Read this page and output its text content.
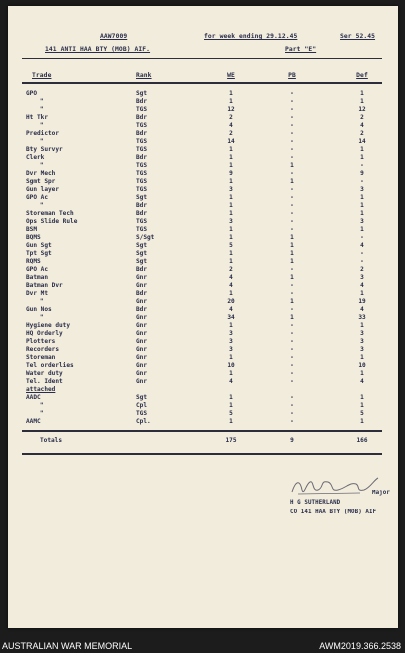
AAW7009	for week ending 29.12.45	Ser 52.45
141 ANTI HAA BTY (MOB) AIF.	Part "E"
Trade	Rank	WE	PB	Def
GPO	Sgt	1	-	1
"	Bdr	1	-	1
"	TGS	12	-	12
Ht Tkr	Bdr	2	-	2
"	TGS	4	-	4
Predictor	Bdr	2	-	2
"	TGS	14	-	14
Bty Survyr	TGS	1	-	1
Clerk	Bdr	1	-	1
"	TGS	1	1	-
Dvr Mech	TGS	9	-	9
Sgmt Spr	TGS	1	1	-
Gun layer	TGS	3	-	3
GPO Ac	Sgt	1	-	1
"	Bdr	1	-	1
Storeman Tech	Bdr	1	-	1
Ops Slide Rule	TGS	3	-	3
BSM	TGS	1	-	1
BQMS	S/Sgt	1	1	-
Gun Sgt	Sgt	5	1	4
Tpt Sgt	Sgt	1	1	-
RQMS	Sgt	1	1	-
GPO Ac	Bdr	2	-	2
Batman	Gnr	4	1	3
Batman Dvr	Gnr	4	-	4
Dvr Mt	Bdr	1	-	1
"	Gnr	20	1	19
Gun Nos	Bdr	4	-	4
"	Gnr	34	1	33
Hygiene duty	Gnr	1	-	1
HQ Orderly	Gnr	3	-	3
Plotters	Gnr	3	-	3
Recorders	Gnr	3	-	3
Storeman	Gnr	1	-	1
Tel orderlies	Gnr	10	-	10
Water duty	Gnr	1	-	1
Tel. Ident	Gnr	4	-	4
attached
AADC	Sgt	1	-	1
"	Cpl	1	-	1
"	TGS	5	-	5
AAMC	Cpl.	1	-	1
Totals	175	9	166
H G SUTHERLAND
Major
CO 141 HAA BTY (MOB) AIF
AUSTRALIAN WAR MEMORIAL	AWM2019.366.2538
